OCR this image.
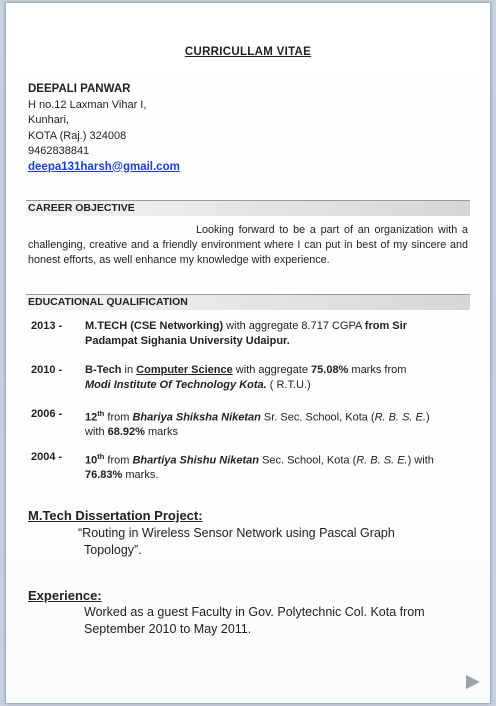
CURRICULLAM VITAE
DEEPALI PANWAR
H no.12 Laxman Vihar I,
Kunhari,
KOTA (Raj.) 324008
9462838841
deepa131harsh@gmail.com
CAREER OBJECTIVE
Looking forward to be a part of an organization with a challenging, creative and a friendly environment where I can put in best of my sincere and honest efforts, as well enhance my knowledge with experience.
EDUCATIONAL QUALIFICATION
2013 - M.TECH (CSE Networking) with aggregate 8.717 CGPA from Sir
Padampat Sighania University Udaipur.
2010 - B-Tech in Computer Science with aggregate 75.08% marks from
Modi Institute Of Technology Kota. ( R.T.U.)
2006 - 12th from Bhariya Shiksha Niketan Sr. Sec. School, Kota (R. B. S. E.)
with 68.92% marks
2004 - 10th from Bhartiya Shishu Niketan Sec. School, Kota (R. B. S. E.) with
76.83% marks.
M.Tech Dissertation Project:
“Routing in Wireless Sensor Network using Pascal Graph
Topology”.
Experience:
Worked as a guest Faculty in Gov. Polytechnic Col. Kota from
September 2010 to May 2011.
